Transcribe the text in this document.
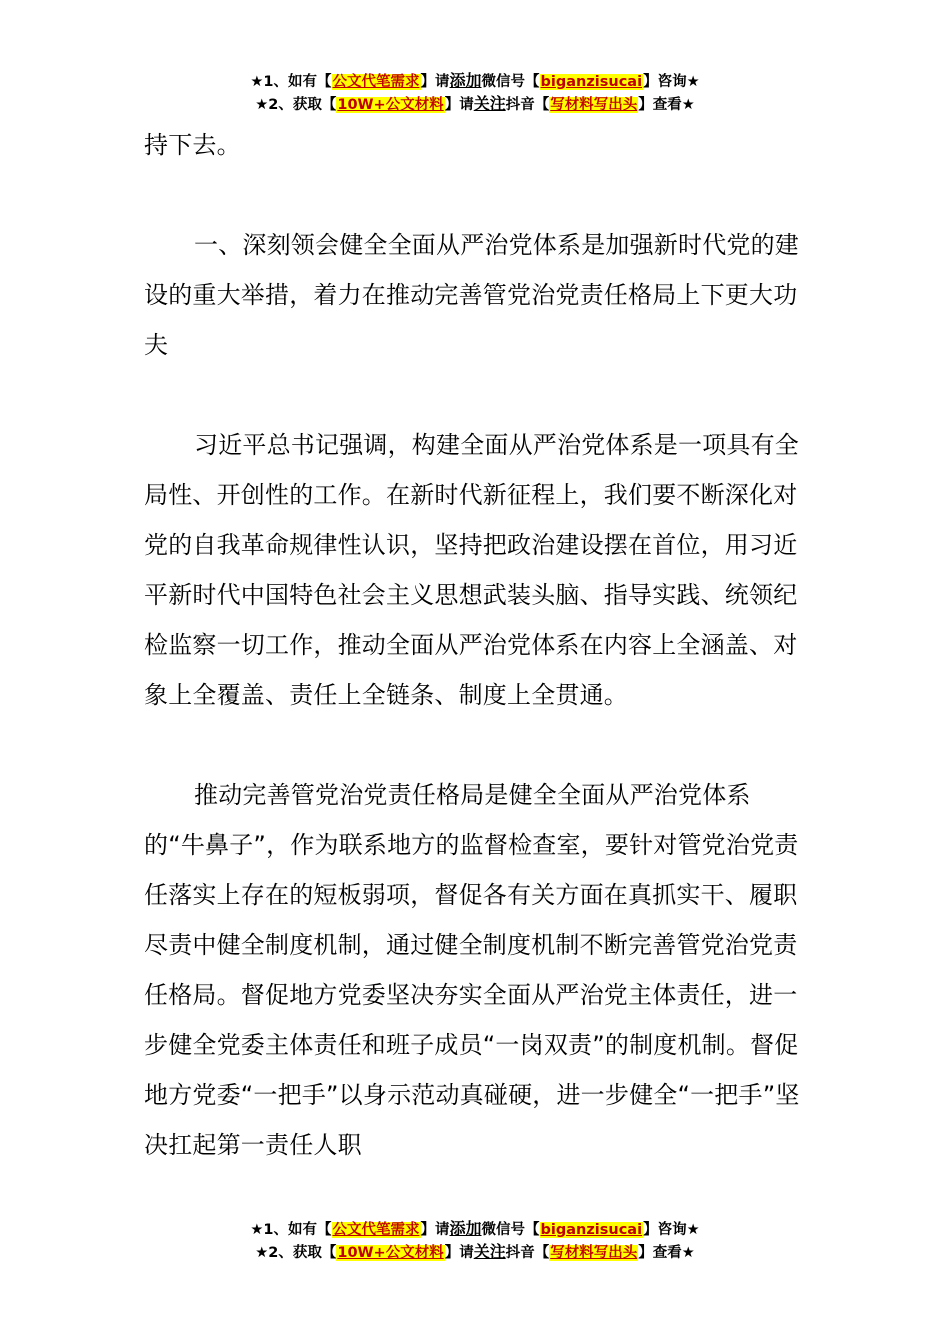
★1、如有【公文代笔需求】请添加微信号【biganzisucai】咨询★
★2、获取【10W+公文材料】请关注抖音【写材料写出头】查看★

持下去。

一、深刻领会健全全面从严治党体系是加强新时代党的建设的重大举措，着力在推动完善管党治党责任格局上下更大功夫

习近平总书记强调，构建全面从严治党体系是一项具有全局性、开创性的工作。在新时代新征程上，我们要不断深化对党的自我革命规律性认识，坚持把政治建设摆在首位，用习近平新时代中国特色社会主义思想武装头脑、指导实践、统领纪检监察一切工作，推动全面从严治党体系在内容上全涵盖、对象上全覆盖、责任上全链条、制度上全贯通。

推动完善管党治党责任格局是健全全面从严治党体系的“牛鼻子”，作为联系地方的监督检查室，要针对管党治党责任落实上存在的短板弱项，督促各有关方面在真抓实干、履职尽责中健全制度机制，通过健全制度机制不断完善管党治党责任格局。督促地方党委坚决夯实全面从严治党主体责任，进一步健全党委主体责任和班子成员“一岗双责”的制度机制。督促地方党委“一把手”以身示范动真碰硬，进一步健全“一把手”坚决扛起第一责任人职

★1、如有【公文代笔需求】请添加微信号【biganzisucai】咨询★
★2、获取【10W+公文材料】请关注抖音【写材料写出头】查看★
